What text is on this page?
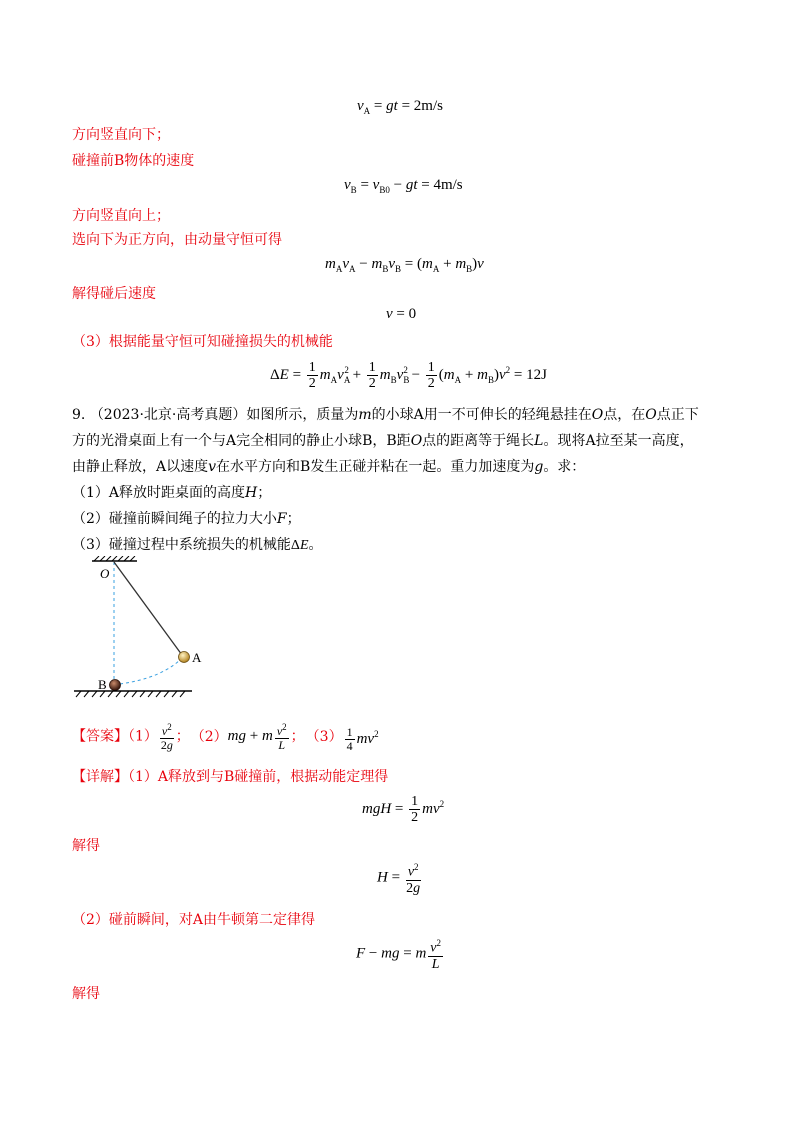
$v_A$ = gt = 2m/s
方向竖直向下；
碰撞前B物体的速度
$v_B = v_{B0}$ − gt = 4m/s
方向竖直向上；
选向下为正方向，由动量守恒可得
$m_Av_A - m_Bv_B = (m_A + m_B)v$
解得碰后速度
v = 0
（3）根据能量守恒可知碰撞损失的机械能
$\Delta E = \frac{1}{2} m_Av_A^2 + \frac{1}{2} m_Bv_B^2 - \frac{1}{2} (m_A + m_B)v^2 = 12J$
9. （2023·北京·高考真题）如图所示，质量为m的小球A用一不可伸长的轻绳悬挂在O点，在O点正下
方的光滑桌面上有一个与A完全相同的静止小球B，B距O点的距离等于绳长L。现将A拉至某一高度，
由静止释放，A以速度v在水平方向和B发生正碰并粘在一起。重力加速度为g。求：
（1）A释放时距桌面的高度H；
（2）碰撞前瞬间绳子的拉力大小F；
（3）碰撞过程中系统损失的机械能ΔE。
O
A
B
【答案】$(1) \frac{v^2}{2g}$ ； （2）mg + m $\frac{v^2}{L}$ ； $(3) \frac{1}{4} mv^2$
【详解】（1）A释放到与B碰撞前，根据动能定理得
mgH = $\frac{1}{2} mv^2$
解得
$H = \frac{v^2}{2g}$
（2）碰前瞬间，对A由牛顿第二定律得
F − mg = m $\frac{v^2}{L}$
解得
